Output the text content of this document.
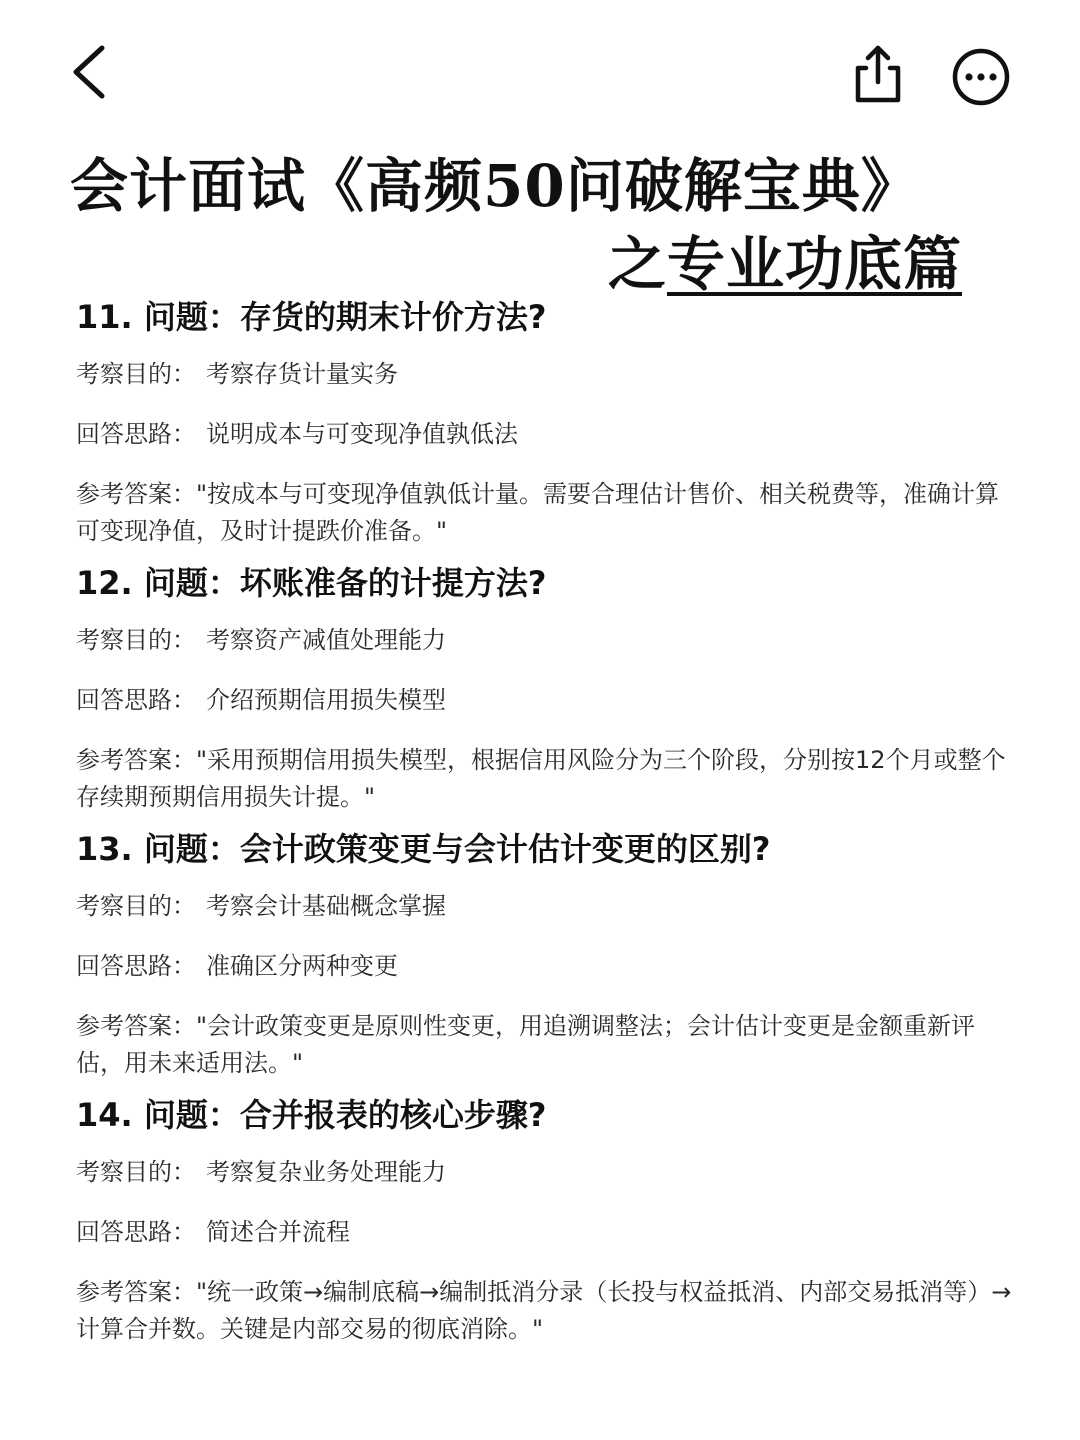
会计面试《高频50问破解宝典》
之专业功底篇
11. 问题：存货的期末计价方法?
考察目的： 考察存货计量实务
回答思路： 说明成本与可变现净值孰低法
参考答案："按成本与可变现净值孰低计量。需要合理估计售价、相关税费等，准确计算可变现净值，及时计提跌价准备。"
12. 问题：坏账准备的计提方法?
考察目的： 考察资产减值处理能力
回答思路： 介绍预期信用损失模型
参考答案："采用预期信用损失模型，根据信用风险分为三个阶段，分别按12个月或整个存续期预期信用损失计提。"
13. 问题：会计政策变更与会计估计变更的区别?
考察目的： 考察会计基础概念掌握
回答思路： 准确区分两种变更
参考答案："会计政策变更是原则性变更，用追溯调整法；会计估计变更是金额重新评估，用未来适用法。"
14. 问题：合并报表的核心步骤?
考察目的： 考察复杂业务处理能力
回答思路： 简述合并流程
参考答案："统一政策→编制底稿→编制抵消分录（长投与权益抵消、内部交易抵消等）→计算合并数。关键是内部交易的彻底消除。"
